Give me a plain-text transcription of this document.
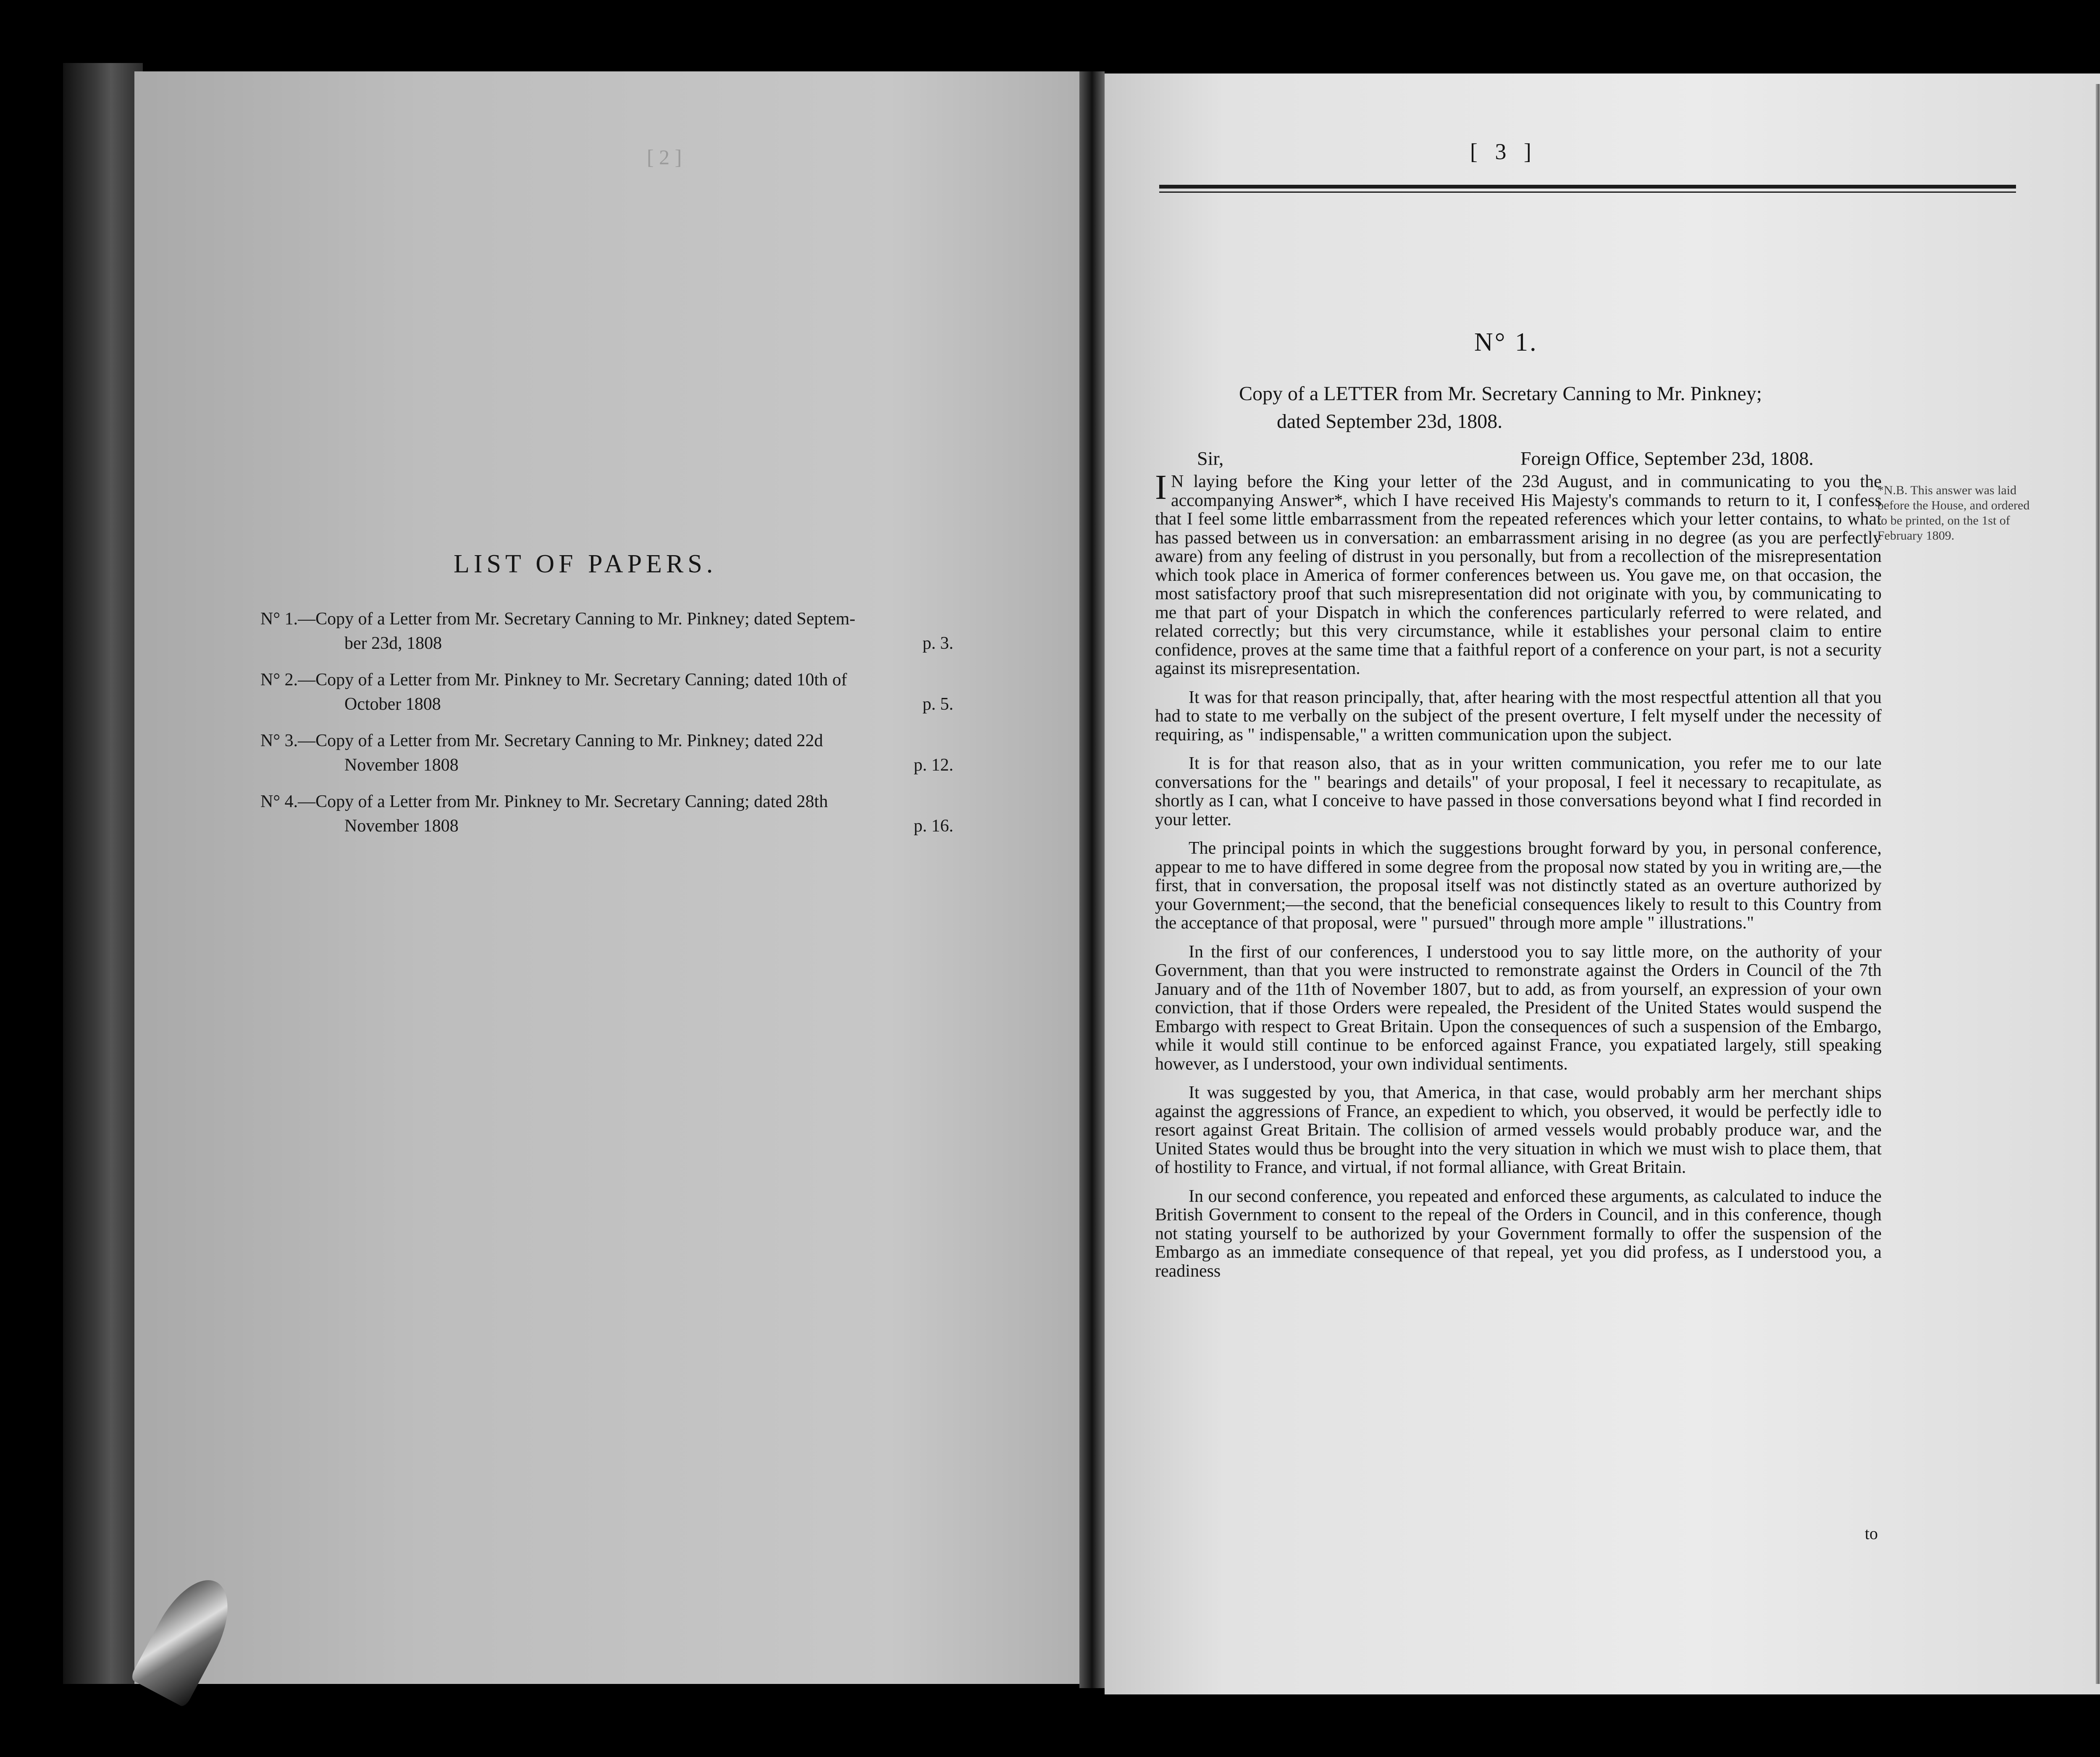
[ 2 ]
LIST OF PAPERS.
N° 1.—Copy of a Letter from Mr. Secretary Canning to Mr. Pinkney; dated Septem-
ber 23d, 1808	p. 3.
N° 2.—Copy of a Letter from Mr. Pinkney to Mr. Secretary Canning; dated 10th of
October 1808	p. 5.
N° 3.—Copy of a Letter from Mr. Secretary Canning to Mr. Pinkney; dated 22d
November 1808	p. 12.
N° 4.—Copy of a Letter from Mr. Pinkney to Mr. Secretary Canning; dated 28th
November 1808	p. 16.
[ 3 ]
N° 1.
Copy of a LETTER from Mr. Secretary Canning to Mr. Pinkney;
dated September 23d, 1808.
Sir,	Foreign Office, September 23d, 1808.
*N.B. This answer was laid before the House, and ordered to be printed, on the 1st of February 1809.

I N laying before the King your letter of the 23d August, and in communicating to you the accompanying Answer*, which I have received His Majesty's commands to return to it, I confess that I feel some little embarrassment from the repeated references which your letter contains, to what has passed between us in conversation: an embarrassment arising in no degree (as you are perfectly aware) from any feeling of distrust in you personally, but from a recollection of the misrepresentation which took place in America of former conferences between us. You gave me, on that occasion, the most satisfactory proof that such misrepresentation did not originate with you, by communicating to me that part of your Dispatch in which the conferences particularly referred to were related, and related correctly; but this very circumstance, while it establishes your personal claim to entire confidence, proves at the same time that a faithful report of a conference on your part, is not a security against its misrepresentation.

It was for that reason principally, that, after hearing with the most respectful attention all that you had to state to me verbally on the subject of the present overture, I felt myself under the necessity of requiring, as " indispensable," a written communication upon the subject.

It is for that reason also, that as in your written communication, you refer me to our late conversations for the " bearings and details" of your proposal, I feel it necessary to recapitulate, as shortly as I can, what I conceive to have passed in those conversations beyond what I find recorded in your letter.

The principal points in which the suggestions brought forward by you, in personal conference, appear to me to have differed in some degree from the proposal now stated by you in writing are,—the first, that in conversation, the proposal itself was not distinctly stated as an overture authorized by your Government;—the second, that the beneficial consequences likely to result to this Country from the acceptance of that proposal, were " pursued" through more ample " illustrations."

In the first of our conferences, I understood you to say little more, on the authority of your Government, than that you were instructed to remonstrate against the Orders in Council of the 7th January and of the 11th of November 1807, but to add, as from yourself, an expression of your own conviction, that if those Orders were repealed, the President of the United States would suspend the Embargo with respect to Great Britain. Upon the consequences of such a suspension of the Embargo, while it would still continue to be enforced against France, you expatiated largely, still speaking however, as I understood, your own individual sentiments.

It was suggested by you, that America, in that case, would probably arm her merchant ships against the aggressions of France, an expedient to which, you observed, it would be perfectly idle to resort against Great Britain. The collision of armed vessels would probably produce war, and the United States would thus be brought into the very situation in which we must wish to place them, that of hostility to France, and virtual, if not formal alliance, with Great Britain.

In our second conference, you repeated and enforced these arguments, as calculated to induce the British Government to consent to the repeal of the Orders in Council, and in this conference, though not stating yourself to be authorized by your Government formally to offer the suspension of the Embargo as an immediate consequence of that repeal, yet you did profess, as I understood you, a readiness

to
